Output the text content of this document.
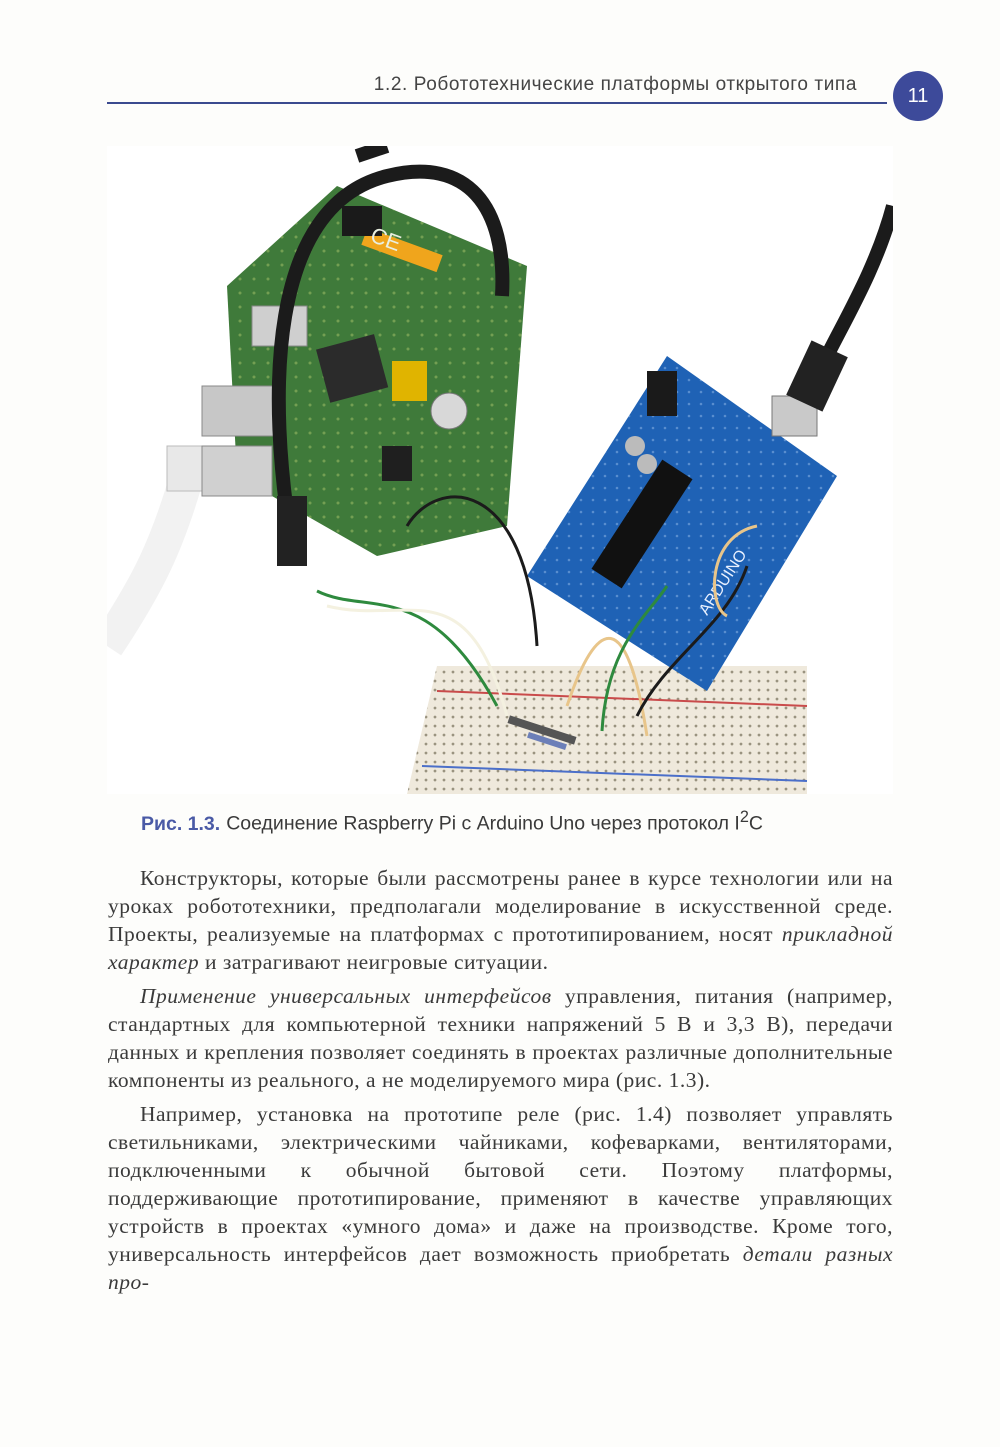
1.2. Робототехнические платформы открытого типа	11
CE
ARDUINO
Рис. 1.3. Соединение Raspberry Pi с Arduino Uno через протокол $I^2C$

Конструкторы, которые были рассмотрены ранее в курсе технологии или на уроках робототехники, предполагали моделирование в искусственной среде. Проекты, реализуемые на платформах с прототипированием, носят прикладной характер и затрагивают неигровые ситуации.

Применение универсальных интерфейсов управления, питания (например, стандартных для компьютерной техники напряжений 5 В и 3,3 В), передачи данных и крепления позволяет соединять в проектах различные дополнительные компоненты из реального, а не моделируемого мира (рис. 1.3).

Например, установка на прототипе реле (рис. 1.4) позволяет управлять светильниками, электрическими чайниками, кофеварками, вентиляторами, подключенными к обычной бытовой сети. Поэтому платформы, поддерживающие прототипирование, применяют в качестве управляющих устройств в проектах «умного дома» и даже на производстве. Кроме того, универсальность интерфейсов дает возможность приобретать детали разных про-
